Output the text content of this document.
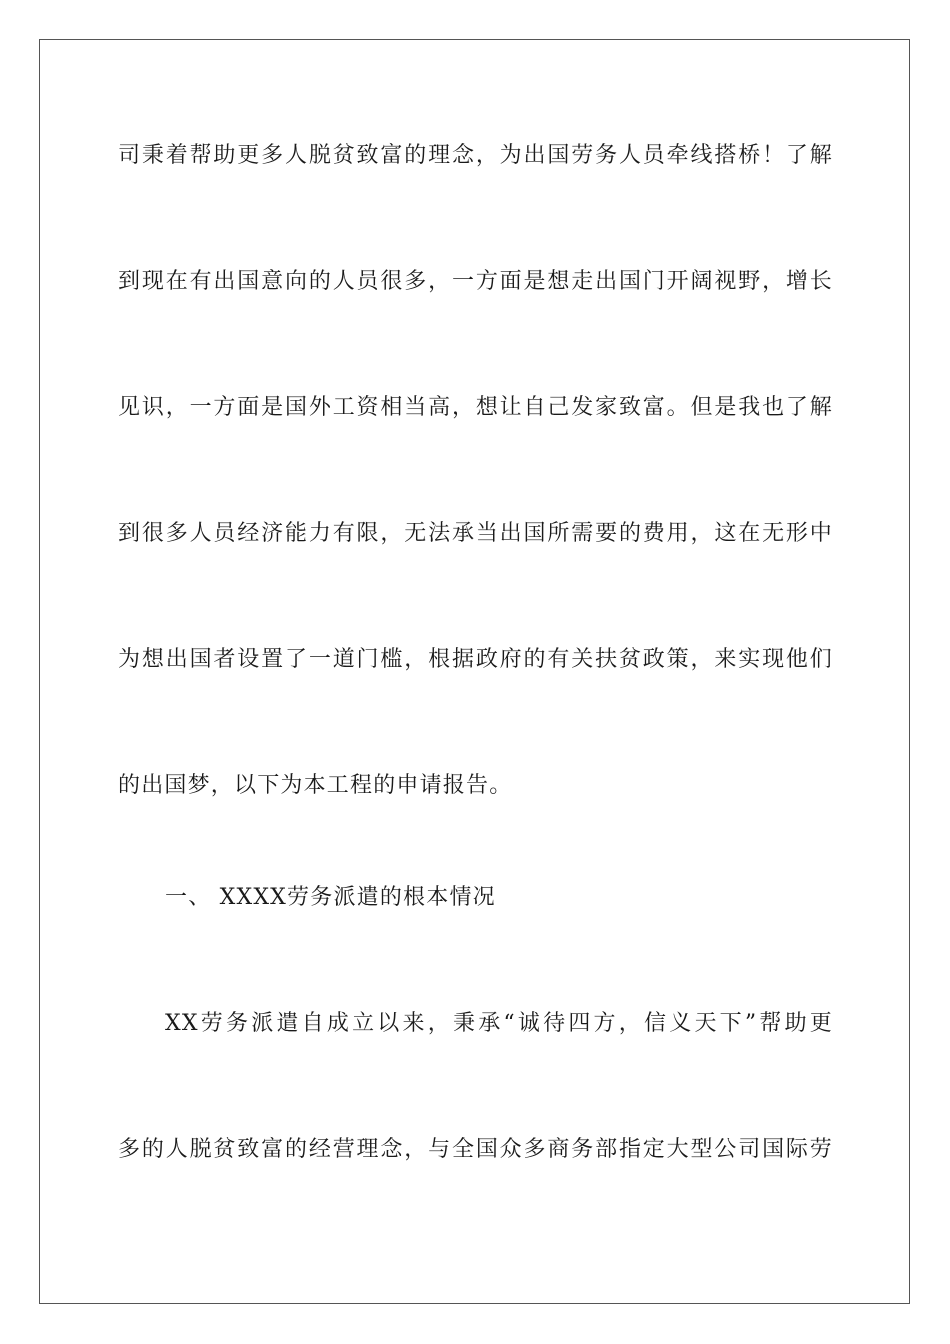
司秉着帮助更多人脱贫致富的理念，为出国劳务人员牵线搭桥！了解
到现在有出国意向的人员很多，一方面是想走出国门开阔视野，增长
见识，一方面是国外工资相当高，想让自己发家致富。但是我也了解
到很多人员经济能力有限，无法承当出国所需要的费用，这在无形中
为想出国者设置了一道门槛，根据政府的有关扶贫政策，来实现他们
的出国梦，以下为本工程的申请报告。
一、 XXXX劳务派遣的根本情况
XX劳务派遣自成立以来，秉承“诚待四方，信义天下”帮助更
多的人脱贫致富的经营理念，与全国众多商务部指定大型公司国际劳
